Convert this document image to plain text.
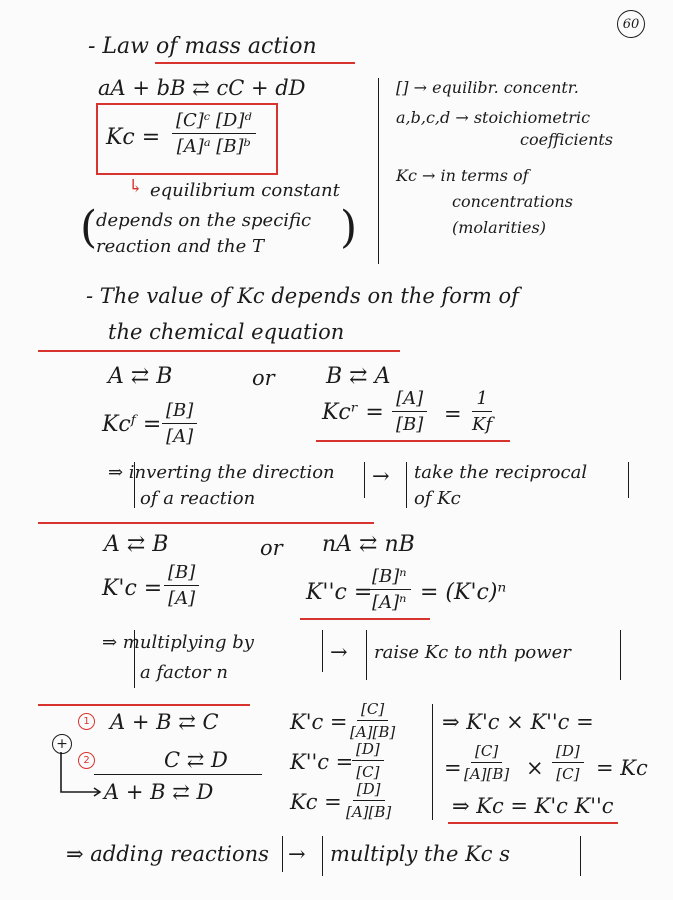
60
- Law of mass action
aA + bB ⇄ cC + dD
$Kc = \frac{\text{[C]ᶜ [D]ᵈ}}{\text{[A]ᵃ [B]ᵇ}}$
↳ equilibrium constant
(
depends on the specific
reaction and the T )
[] → equilibr. concentr.
a,b,c,d → stoichiometric
coefficients
Kc → in terms of
concentrations
(molarities)
- The value of Kc depends on the form of
the chemical equation
A ⇄ B	or B ⇄ A
Kcᶠ = $\frac{[B]}{[A]}$	Kcʳ = $\frac{[A]}{[B]} = \frac{1}{Kf}$
⇒ inverting the direction
of a reaction
→ take the reciprocal
of Kc
A ⇄ B	or nA ⇄ nB
$K'c = \frac{[B]}{[A]}$	K''c =
$\frac{\text{[B]ⁿ}}{\text{[A]ⁿ}} = (K'c)^n$
⇒ multiplying by
a factor n
→ raise Kc to nth power
1 A + B ⇄ C
+
2	C ⇄ D
A + B ⇄ D
K'c =
$\frac{[C]}{[A][B]}$
K''c =
$\frac{[D]}{[C]}$
$Kc = \frac{[D]}{[A][B]}$
⇒ K'c × K''c =
=
$\frac{[C]}{[A][B]} \times \frac{[D]}{[C]} = Kc$
⇒ Kc = K'c K''c
⇒ adding reactions → multiply the Kc s
